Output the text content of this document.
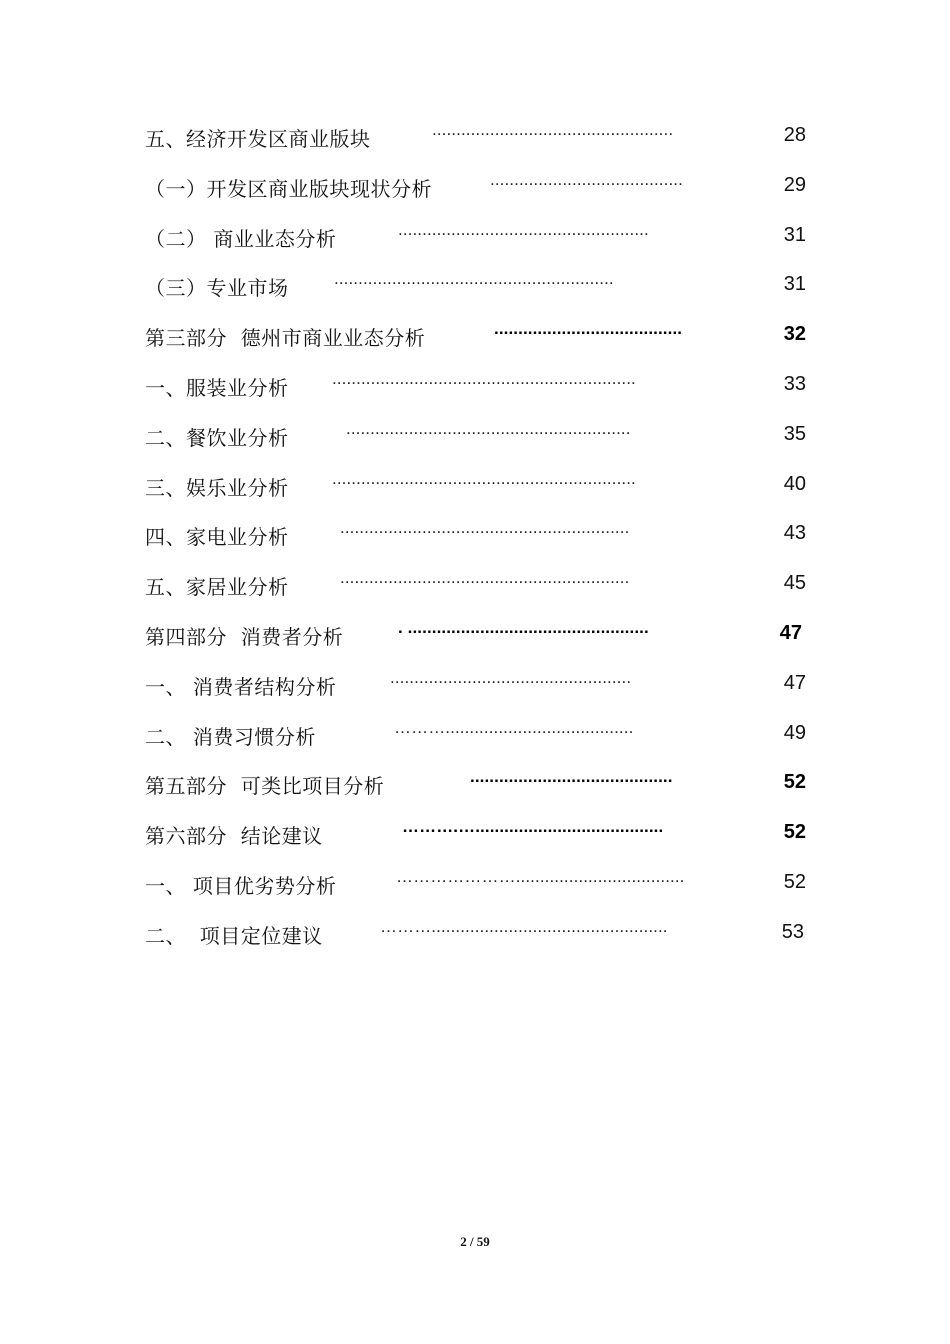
五、经济开发区商业版块	..................................................	28
（一）开发区商业版块现状分析	........................................	29
（二） 商业业态分析	....................................................	31
（三）专业市场	..........................................................	31
第三部分  德州市商业业态分析	.......................................	32
一、服装业分析	...............................................................	33
二、餐饮业分析	...........................................................	35
三、娱乐业分析	...............................................................	40
四、家电业分析	............................................................	43
五、家居业分析	............................................................	45
第四部分  消费者分析	. ..................................................	47
一、 消费者结构分析	..................................................	47
二、 消费习惯分析	……….......................................	49
第五部分  可类比项目分析	..........................................	52
第六部分  结论建议	……….….......................................	52
一、 项目优劣势分析	…………………...................................	52
二、  项目定位建议	……….................................................	53
2 / 59
